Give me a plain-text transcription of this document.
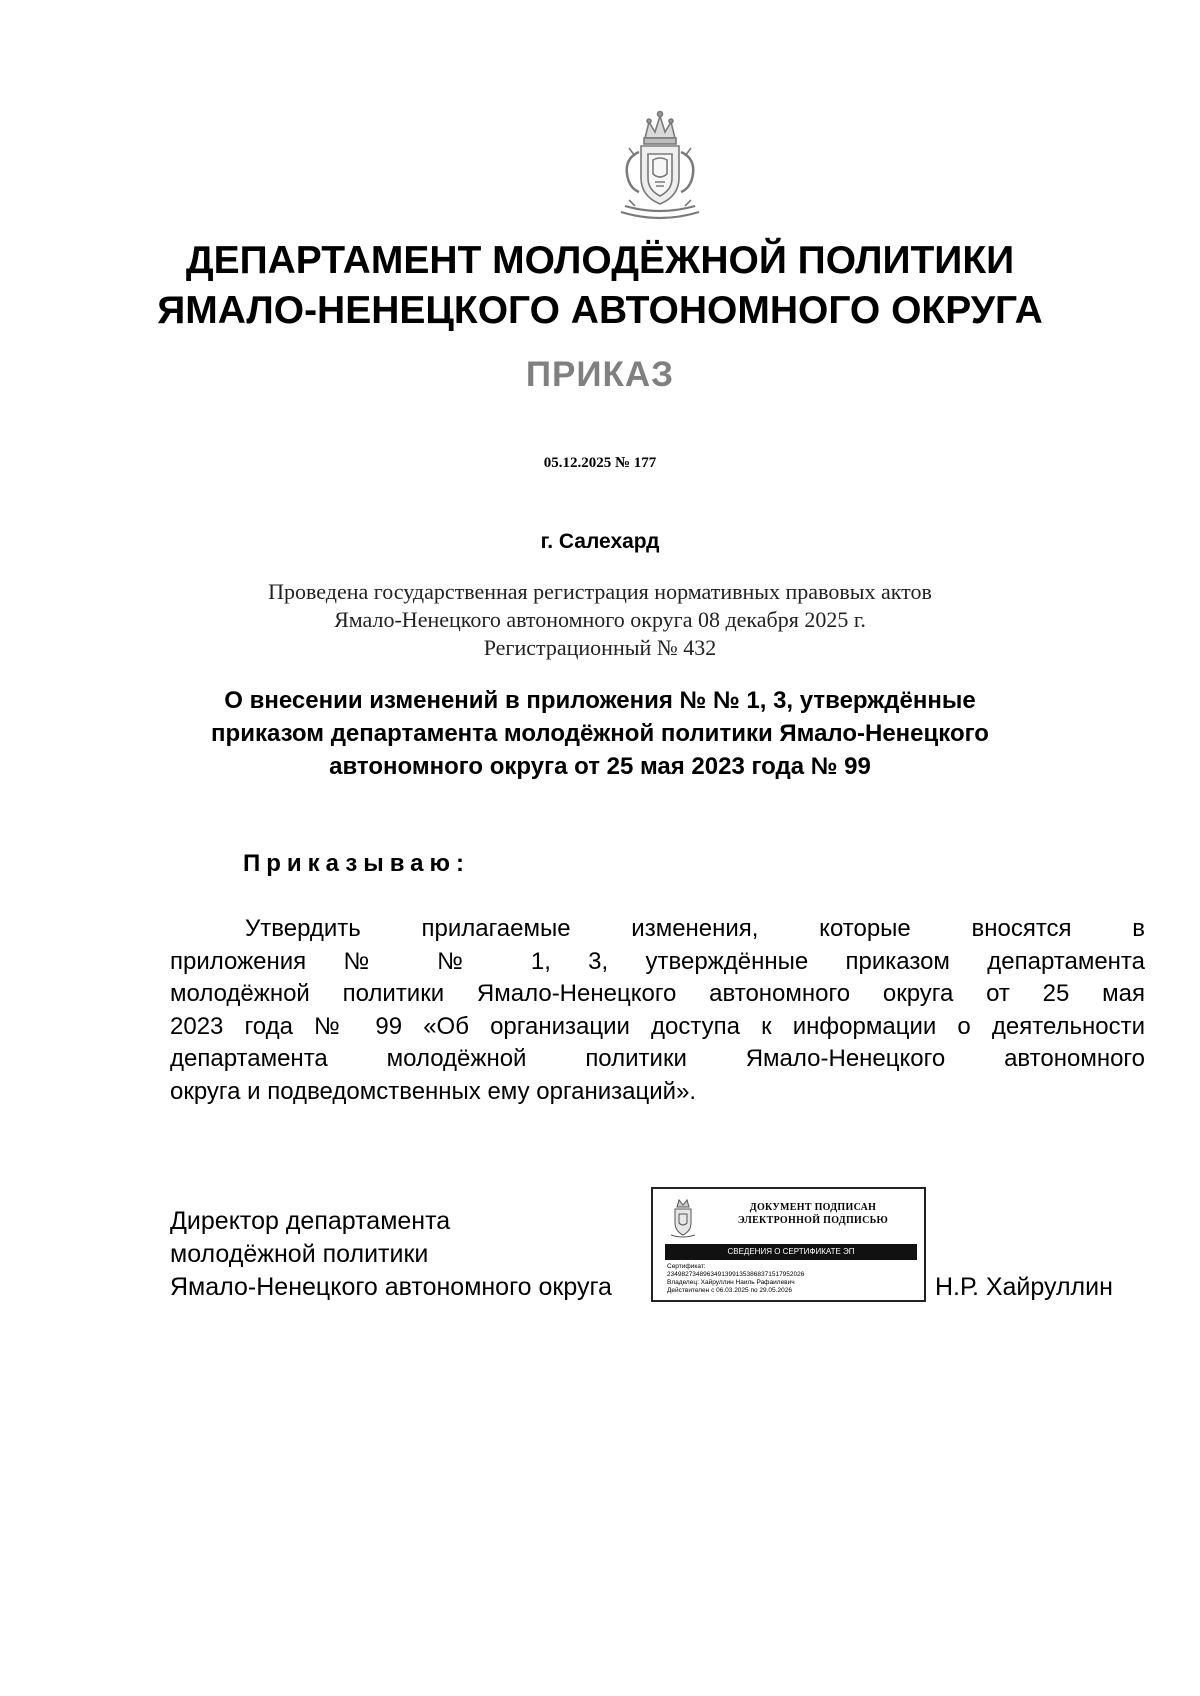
ДЕПАРТАМЕНТ МОЛОДЁЖНОЙ ПОЛИТИКИ
ЯМАЛО-НЕНЕЦКОГО АВТОНОМНОГО ОКРУГА
ПРИКАЗ
05.12.2025 № 177
г. Салехард
Проведена государственная регистрация нормативных правовых актов
Ямало-Ненецкого автономного округа 08 декабря 2025 г.
Регистрационный № 432
О внесении изменений в приложения № № 1, 3, утверждённые
приказом департамента молодёжной политики Ямало-Ненецкого
автономного округа от 25 мая 2023 года № 99
Приказываю:
Утвердить прилагаемые изменения, которые вносятся в
приложения № № 1, 3, утверждённые приказом департамента
молодёжной политики Ямало-Ненецкого автономного округа от 25 мая
2023 года № 99 «Об организации доступа к информации о деятельности
департамента молодёжной политики Ямало-Ненецкого автономного
округа и подведомственных ему организаций».
Директор департамента
молодёжной политики
Ямало-Ненецкого автономного округа
ДОКУМЕНТ ПОДПИСАН
ЭЛЕКТРОННОЙ ПОДПИСЬЮ
СВЕДЕНИЯ О СЕРТИФИКАТЕ ЭП
Сертификат:
23498273489634913991353868371517952026
Владелец: Хайруллин Наиль Рафаилевич
Действителен с 06.03.2025 по 29.05.2026	Н.Р. Хайруллин
